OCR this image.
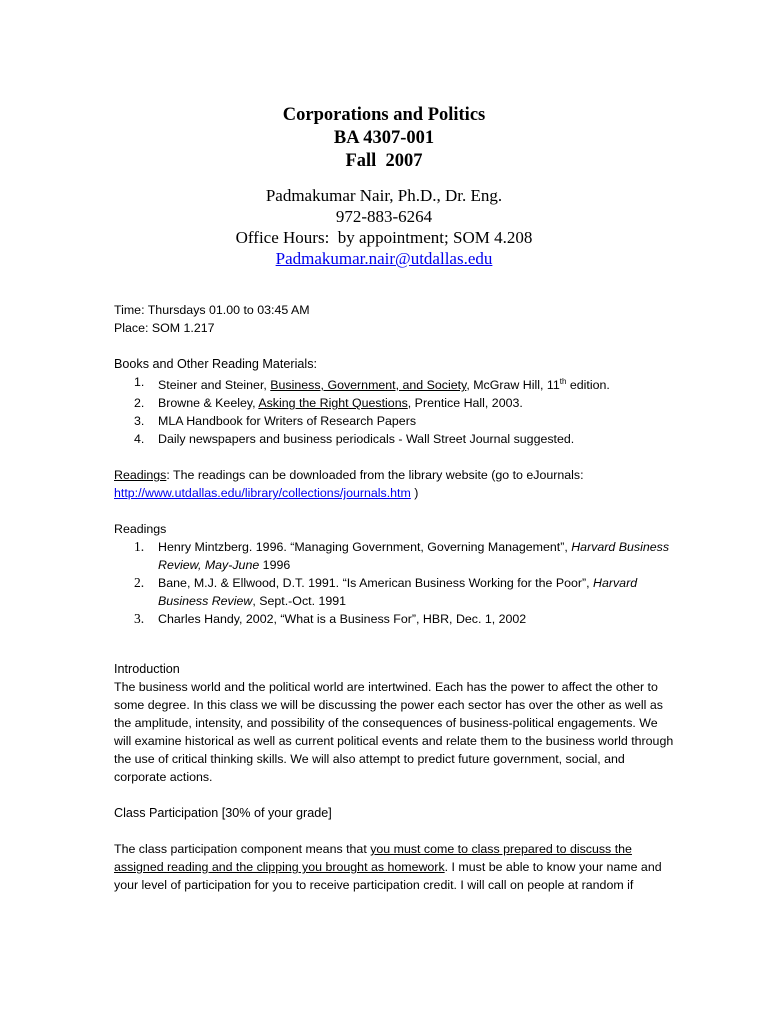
Corporations and Politics
BA 4307-001
Fall  2007
Padmakumar Nair, Ph.D., Dr. Eng.
972-883-6264
Office Hours:  by appointment; SOM 4.208
Padmakumar.nair@utdallas.edu

Time: Thursdays 01.00 to 03:45 AM

Place: SOM 1.217

Books and Other Reading Materials:

1. Steiner and Steiner, Business, Government, and Society, McGraw Hill, 11th edition.
2. Browne & Keeley, Asking the Right Questions, Prentice Hall, 2003.
3. MLA Handbook for Writers of Research Papers
4. Daily newspapers and business periodicals - Wall Street Journal suggested.

Readings: The readings can be downloaded from the library website (go to eJournals:
http://www.utdallas.edu/library/collections/journals.htm )

Readings

1. Henry Mintzberg. 1996. “Managing Government, Governing Management”, Harvard Business Review, May-June 1996
2. Bane, M.J. & Ellwood, D.T. 1991. “Is American Business Working for the Poor”, Harvard Business Review, Sept.-Oct. 1991
3. Charles Handy, 2002, “What is a Business For”, HBR, Dec. 1, 2002

Introduction

The business world and the political world are intertwined. Each has the power to affect the other to some degree. In this class we will be discussing the power each sector has over the other as well as the amplitude, intensity, and possibility of the consequences of business-political engagements. We will examine historical as well as current political events and relate them to the business world through the use of critical thinking skills. We will also attempt to predict future government, social, and corporate actions.

Class Participation [30% of your grade]

The class participation component means that you must come to class prepared to discuss the assigned reading and the clipping you brought as homework. I must be able to know your name and your level of participation for you to receive participation credit. I will call on people at random if
